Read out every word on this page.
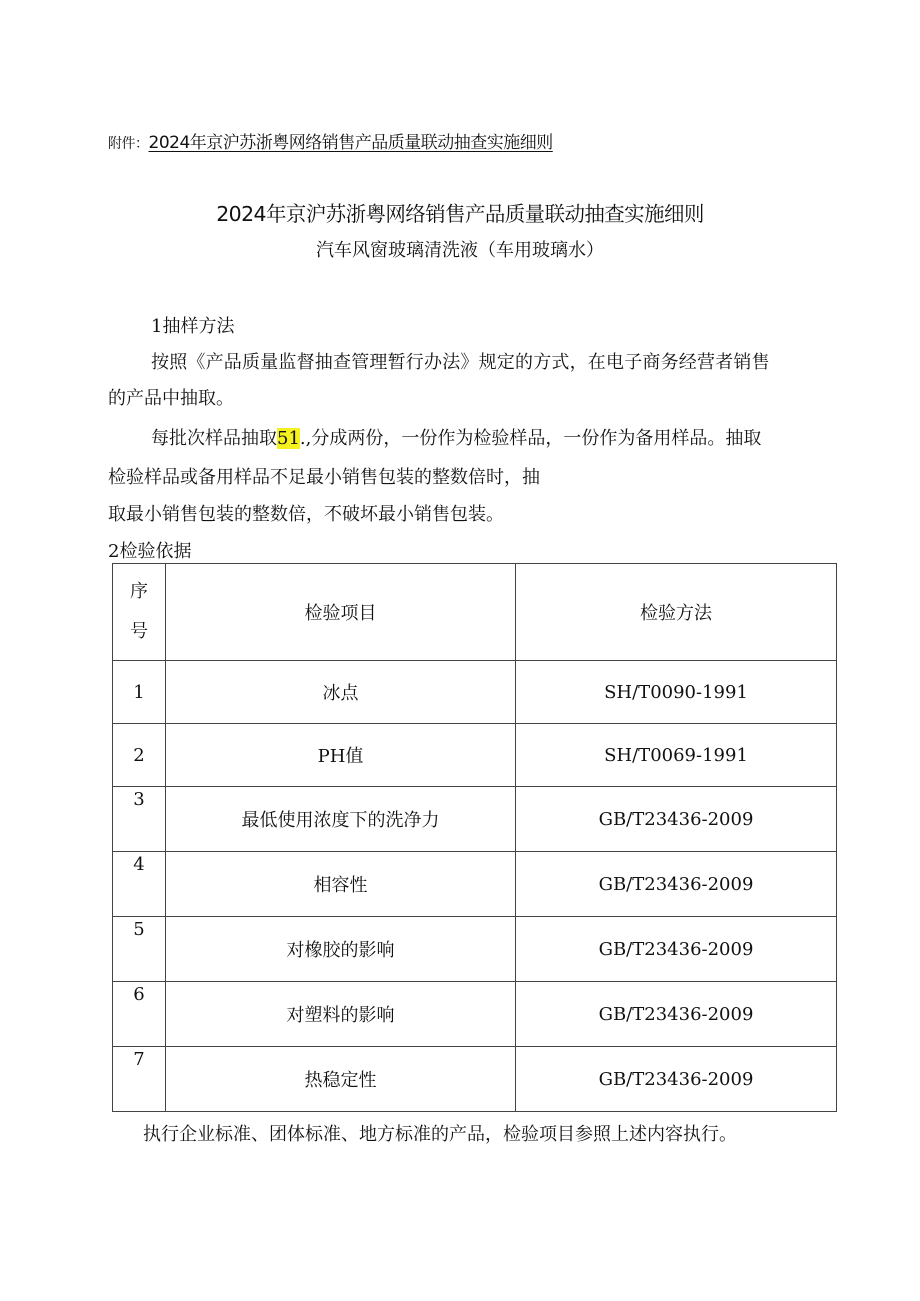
附件：2024年京沪苏浙粤网络销售产品质量联动抽查实施细则
2024年京沪苏浙粤网络销售产品质量联动抽查实施细则
汽车风窗玻璃清洗液（车用玻璃水）
1抽样方法
按照《产品质量监督抽查管理暂行办法》规定的方式，在电子商务经营者销售
的产品中抽取。
每批次样品抽取51.,分成两份，一份作为检验样品，一份作为备用样品。抽取
检验样品或备用样品不足最小销售包装的整数倍时，抽
取最小销售包装的整数倍，不破坏最小销售包装。
2检验依据
序
号	检验项目	检验方法
1	冰点	SH/T0090-1991
2	PH值	SH/T0069-1991
3	最低使用浓度下的洗净力	GB/T23436-2009
4	相容性	GB/T23436-2009
5	对橡胶的影响	GB/T23436-2009
6	对塑料的影响	GB/T23436-2009
7	热稳定性	GB/T23436-2009
执行企业标准、团体标准、地方标准的产品，检验项目参照上述内容执行。
